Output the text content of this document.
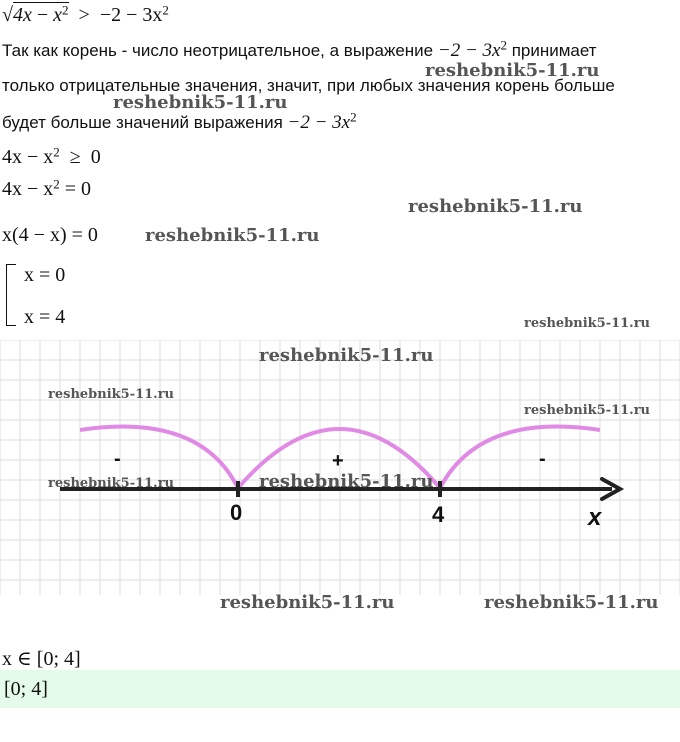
$√4x - x^2 > -2 - 3x^2$
Так как корень - число неотрицательное, а выражение $-2 - 3x^2$ принимает
только отрицательные значения, значит, при любых значения корень больше
будет больше значений выражения $-2 - 3x^2$
$4x - x^2 \ge 0$
$4x - x^2 = 0$
x(4 − x) = 0
x = 0
x = 4
0	4	x
-	+	-
x ∈ [0; 4]
[0; 4]
reshebnik5-11.ru
reshebnik5-11.ru
reshebnik5-11.ru
reshebnik5-11.ru
reshebnik5-11.ru
reshebnik5-11.ru
reshebnik5-11.ru
reshebnik5-11.ru
reshebnik5-11.ru	reshebnik5-11.ru
reshebnik5-11.ru	reshebnik5-11.ru
